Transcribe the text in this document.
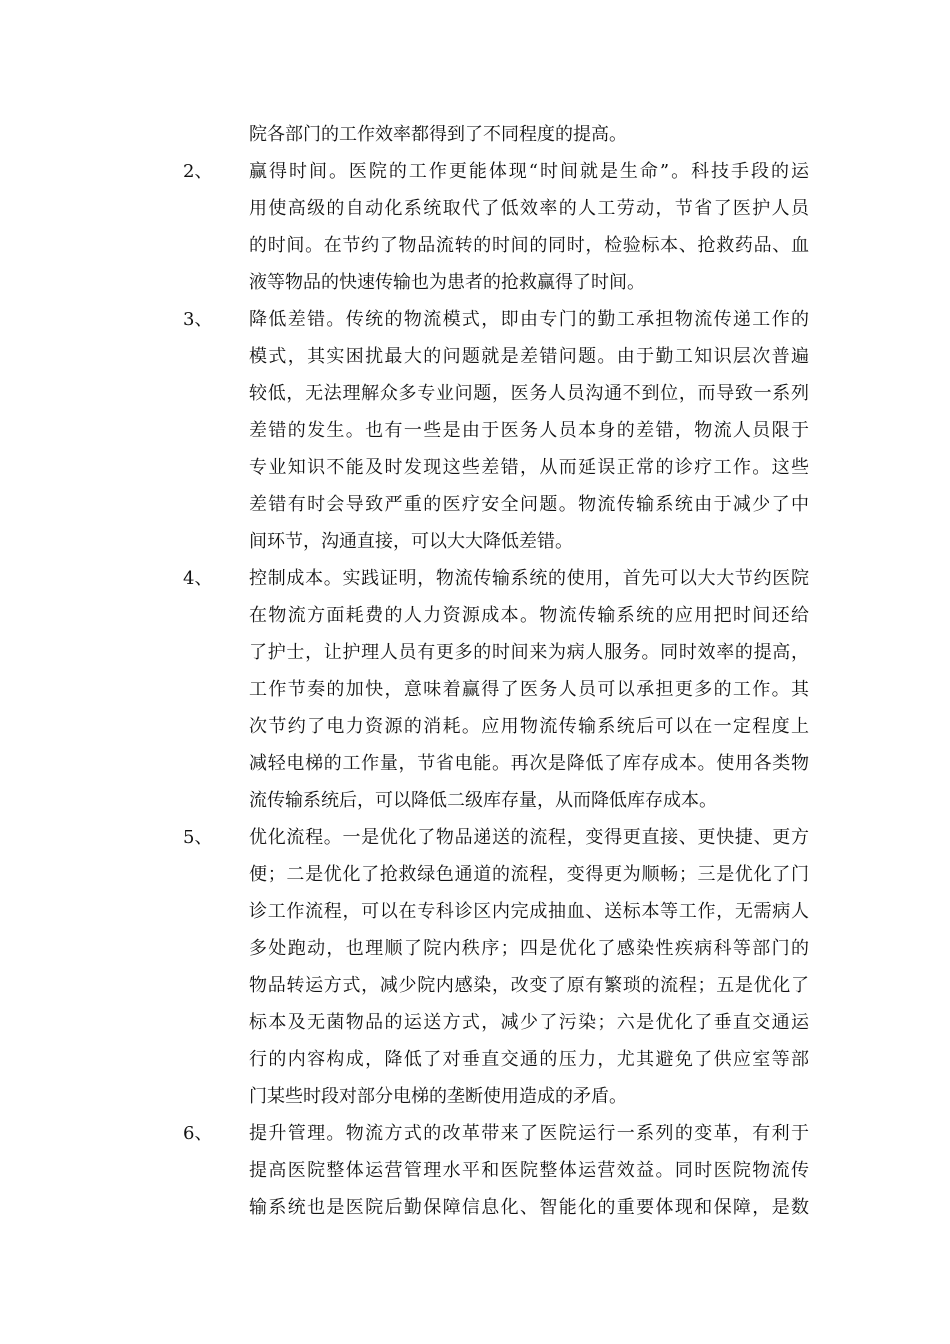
院各部门的工作效率都得到了不同程度的提高。
2、 赢得时间。医院的工作更能体现“时间就是生命”。科技手段的运
用使高级的自动化系统取代了低效率的人工劳动，节省了医护人员
的时间。在节约了物品流转的时间的同时，检验标本、抢救药品、血
液等物品的快速传输也为患者的抢救赢得了时间。
3、 降低差错。传统的物流模式，即由专门的勤工承担物流传递工作的
模式，其实困扰最大的问题就是差错问题。由于勤工知识层次普遍
较低，无法理解众多专业问题，医务人员沟通不到位，而导致一系列
差错的发生。也有一些是由于医务人员本身的差错，物流人员限于
专业知识不能及时发现这些差错，从而延误正常的诊疗工作。这些
差错有时会导致严重的医疗安全问题。物流传输系统由于减少了中
间环节，沟通直接，可以大大降低差错。
4、 控制成本。实践证明，物流传输系统的使用，首先可以大大节约医院
在物流方面耗费的人力资源成本。物流传输系统的应用把时间还给
了护士，让护理人员有更多的时间来为病人服务。同时效率的提高，
工作节奏的加快，意味着赢得了医务人员可以承担更多的工作。其
次节约了电力资源的消耗。应用物流传输系统后可以在一定程度上
减轻电梯的工作量，节省电能。再次是降低了库存成本。使用各类物
流传输系统后，可以降低二级库存量，从而降低库存成本。
5、 优化流程。一是优化了物品递送的流程，变得更直接、更快捷、更方
便；二是优化了抢救绿色通道的流程，变得更为顺畅；三是优化了门
诊工作流程，可以在专科诊区内完成抽血、送标本等工作，无需病人
多处跑动，也理顺了院内秩序；四是优化了感染性疾病科等部门的
物品转运方式，减少院内感染，改变了原有繁琐的流程；五是优化了
标本及无菌物品的运送方式，减少了污染；六是优化了垂直交通运
行的内容构成，降低了对垂直交通的压力，尤其避免了供应室等部
门某些时段对部分电梯的垄断使用造成的矛盾。
6、 提升管理。物流方式的改革带来了医院运行一系列的变革，有利于
提高医院整体运营管理水平和医院整体运营效益。同时医院物流传
输系统也是医院后勤保障信息化、智能化的重要体现和保障，是数
